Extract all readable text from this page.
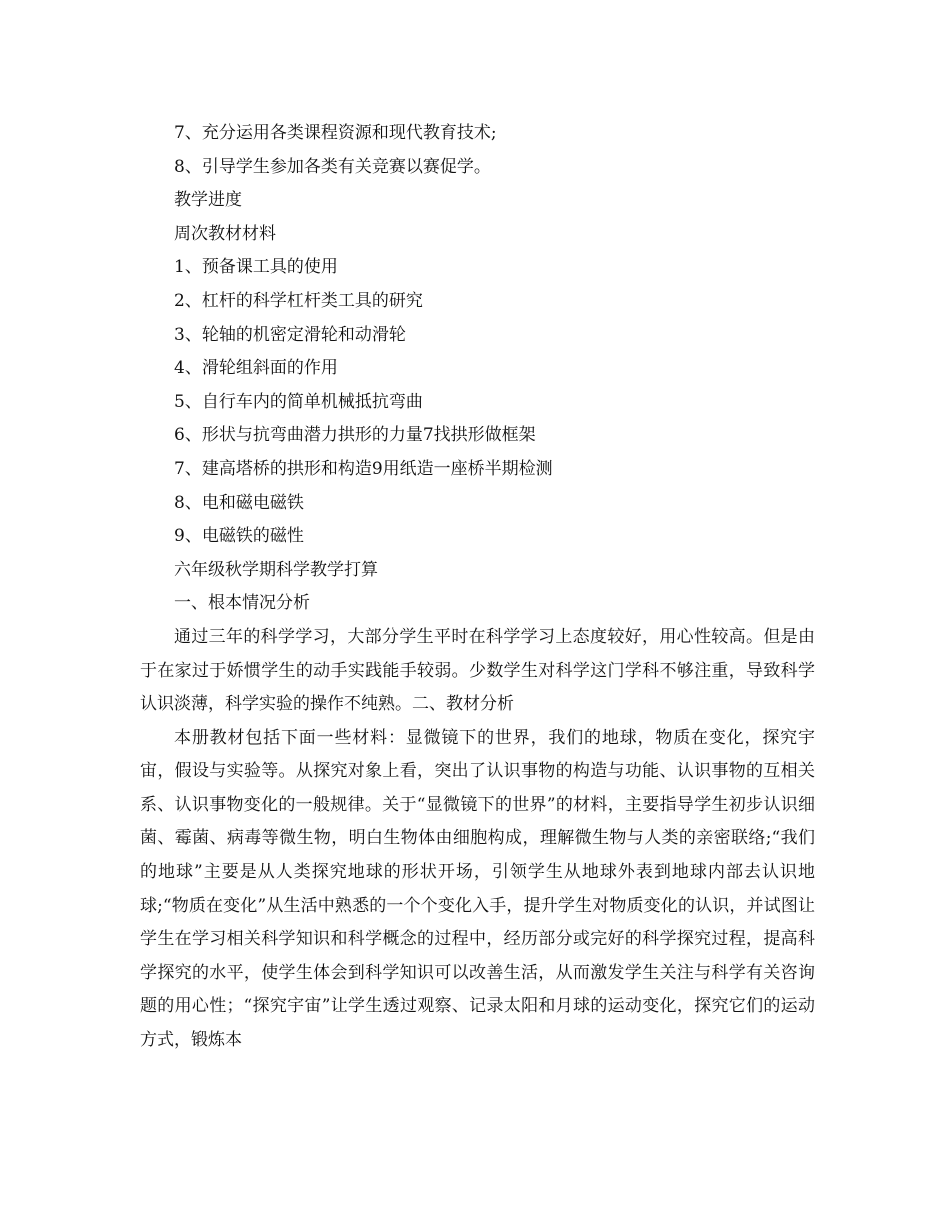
7、充分运用各类课程资源和现代教育技术;
8、引导学生参加各类有关竞赛以赛促学。
教学进度
周次教材材料
1、预备课工具的使用
2、杠杆的科学杠杆类工具的研究
3、轮轴的机密定滑轮和动滑轮
4、滑轮组斜面的作用
5、自行车内的简单机械抵抗弯曲
6、形状与抗弯曲潜力拱形的力量7找拱形做框架
7、建高塔桥的拱形和构造9用纸造一座桥半期检测
8、电和磁电磁铁
9、电磁铁的磁性
六年级秋学期科学教学打算
一、根本情况分析

通过三年的科学学习，大部分学生平时在科学学习上态度较好，用心性较高。但是由于在家过于娇惯学生的动手实践能手较弱。少数学生对科学这门学科不够注重，导致科学认识淡薄，科学实验的操作不纯熟。二、教材分析

本册教材包括下面一些材料：显微镜下的世界，我们的地球，物质在变化，探究宇宙，假设与实验等。从探究对象上看，突出了认识事物的构造与功能、认识事物的互相关系、认识事物变化的一般规律。关于“显微镜下的世界”的材料，主要指导学生初步认识细菌、霉菌、病毒等微生物，明白生物体由细胞构成，理解微生物与人类的亲密联络;“我们的地球”主要是从人类探究地球的形状开场，引领学生从地球外表到地球内部去认识地球;“物质在变化”从生活中熟悉的一个个变化入手，提升学生对物质变化的认识，并试图让学生在学习相关科学知识和科学概念的过程中，经历部分或完好的科学探究过程，提高科学探究的水平，使学生体会到科学知识可以改善生活，从而激发学生关注与科学有关咨询题的用心性；“探究宇宙”让学生透过观察、记录太阳和月球的运动变化，探究它们的运动方式，锻炼本
